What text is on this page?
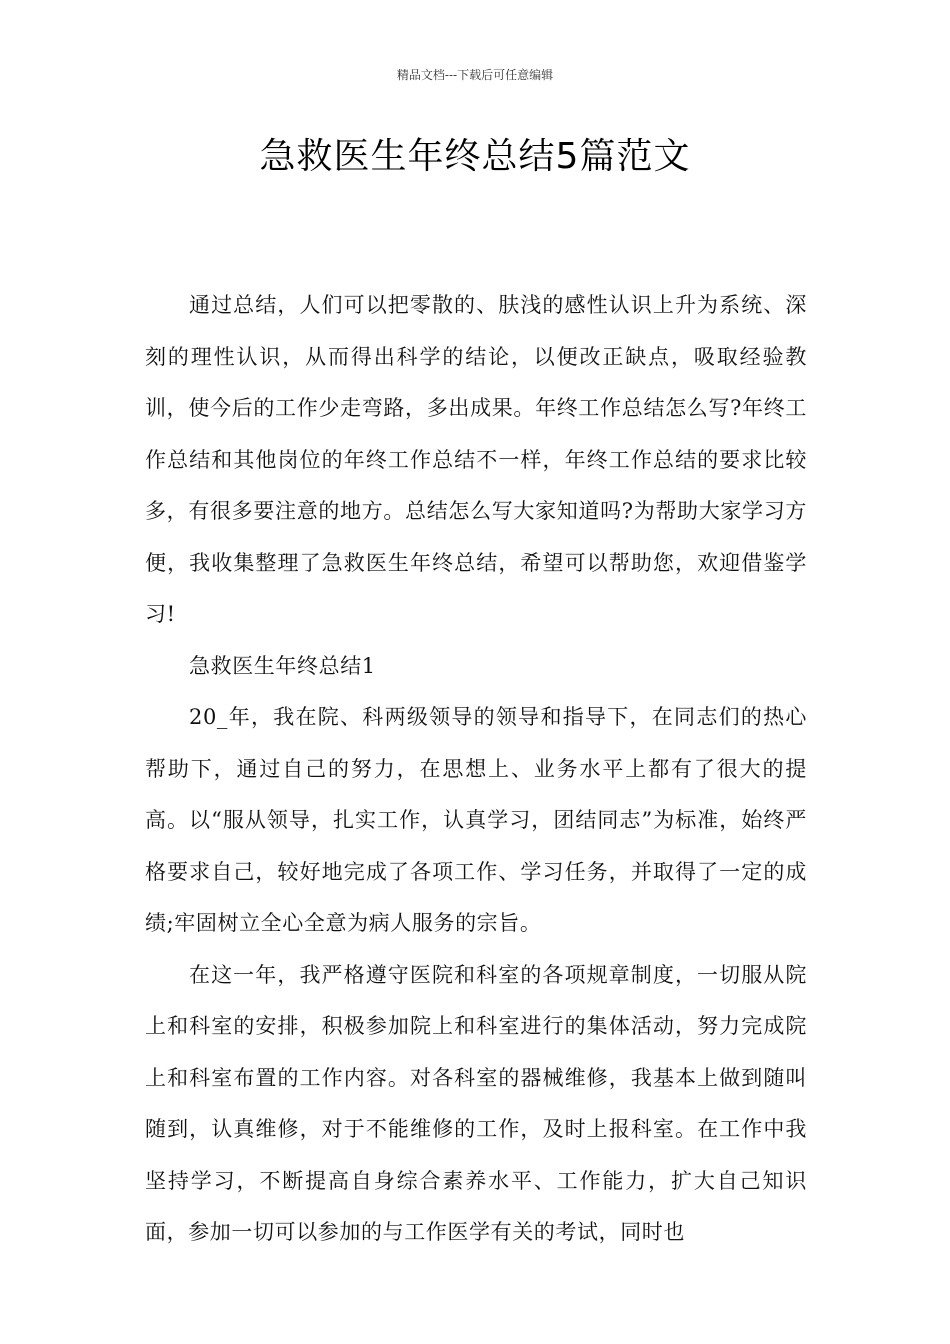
精品文档---下载后可任意编辑
急救医生年终总结5篇范文

通过总结，人们可以把零散的、肤浅的感性认识上升为系统、深刻的理性认识，从而得出科学的结论，以便改正缺点，吸取经验教训，使今后的工作少走弯路，多出成果。年终工作总结怎么写?年终工作总结和其他岗位的年终工作总结不一样，年终工作总结的要求比较多，有很多要注意的地方。总结怎么写大家知道吗?为帮助大家学习方便，我收集整理了急救医生年终总结，希望可以帮助您，欢迎借鉴学习!

急救医生年终总结1

20_年，我在院、科两级领导的领导和指导下，在同志们的热心帮助下，通过自己的努力，在思想上、业务水平上都有了很大的提高。以“服从领导，扎实工作，认真学习，团结同志”为标准，始终严格要求自己，较好地完成了各项工作、学习任务，并取得了一定的成绩;牢固树立全心全意为病人服务的宗旨。

在这一年，我严格遵守医院和科室的各项规章制度，一切服从院上和科室的安排，积极参加院上和科室进行的集体活动，努力完成院上和科室布置的工作内容。对各科室的器械维修，我基本上做到随叫随到，认真维修，对于不能维修的工作，及时上报科室。在工作中我坚持学习，不断提高自身综合素养水平、工作能力，扩大自己知识面，参加一切可以参加的与工作医学有关的考试，同时也
